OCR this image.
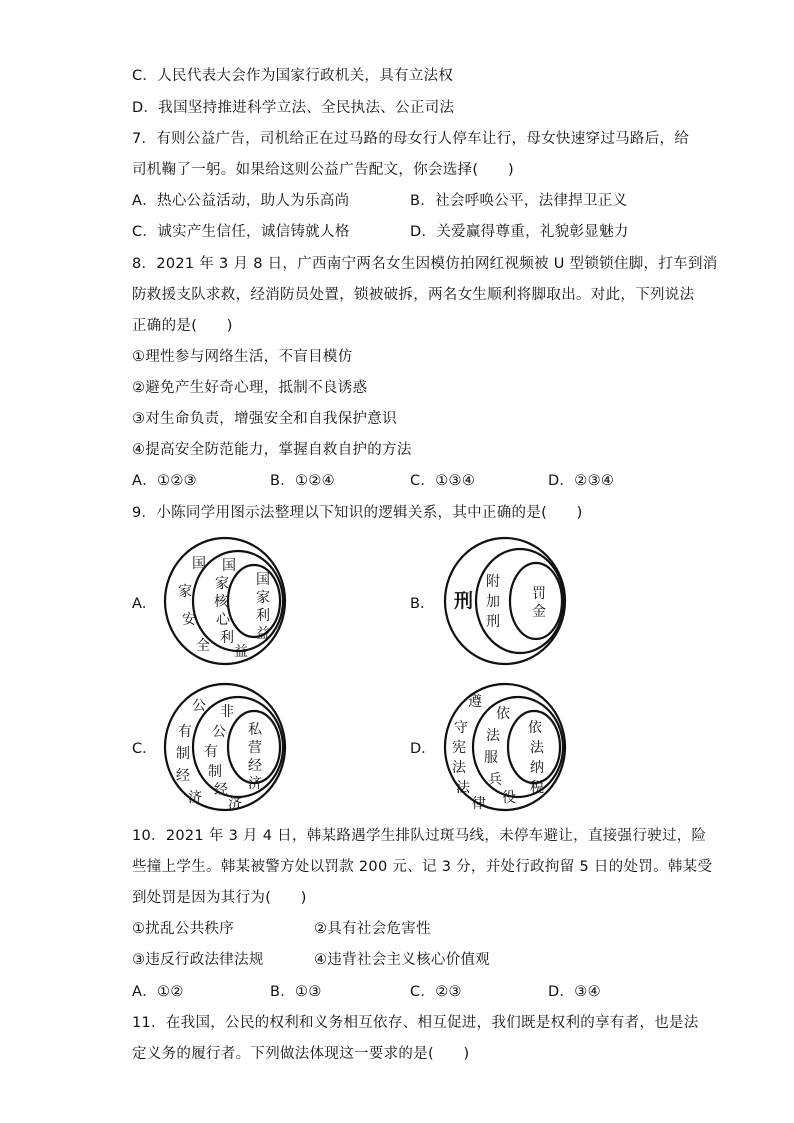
C．人民代表大会作为国家行政机关，具有立法权
D．我国坚持推进科学立法、全民执法、公正司法
7．有则公益广告，司机给正在过马路的母女行人停车让行，母女快速穿过马路后，给
司机鞠了一躬。如果给这则公益广告配文，你会选择(　　)
A．热心公益活动，助人为乐高尚	B．社会呼唤公平，法律捍卫正义
C．诚实产生信任，诚信铸就人格	D．关爱赢得尊重，礼貌彰显魅力
8．2021 年 3 月 8 日，广西南宁两名女生因模仿拍网红视频被 U 型锁锁住脚，打车到消
防救援支队求救，经消防员处置，锁被破拆，两名女生顺利将脚取出。对此，下列说法
正确的是(　　)
①理性参与网络生活，不盲目模仿
②避免产生好奇心理，抵制不良诱惑
③对生命负责，增强安全和自我保护意识
④提高安全防范能力，掌握自救自护的方法
A．①②③	B．①②④	C．①③④	D．②③④
9．小陈同学用图示法整理以下知识的逻辑关系，其中正确的是(　　)
A．	B．
C．	D．
国
家
安
全
国
家
核
心
利
益
国
家
利
益
刑
附
加
刑
罚
金
公
有
制
经
济
非
公
有
制
经
济
私
营
经
济
遵
守
宪
法
法
律
依
法
服
兵
役
依
法
纳
税
10．2021 年 3 月 4 日，韩某路遇学生排队过斑马线，未停车避让，直接强行驶过，险
些撞上学生。韩某被警方处以罚款 200 元、记 3 分，并处行政拘留 5 日的处罚。韩某受
到处罚是因为其行为(　　)
①扰乱公共秩序	②具有社会危害性
③违反行政法律法规	④违背社会主义核心价值观
A．①②	B．①③	C．②③	D．③④
11．在我国，公民的权利和义务相互依存、相互促进，我们既是权利的享有者，也是法
定义务的履行者。下列做法体现这一要求的是(　　)
